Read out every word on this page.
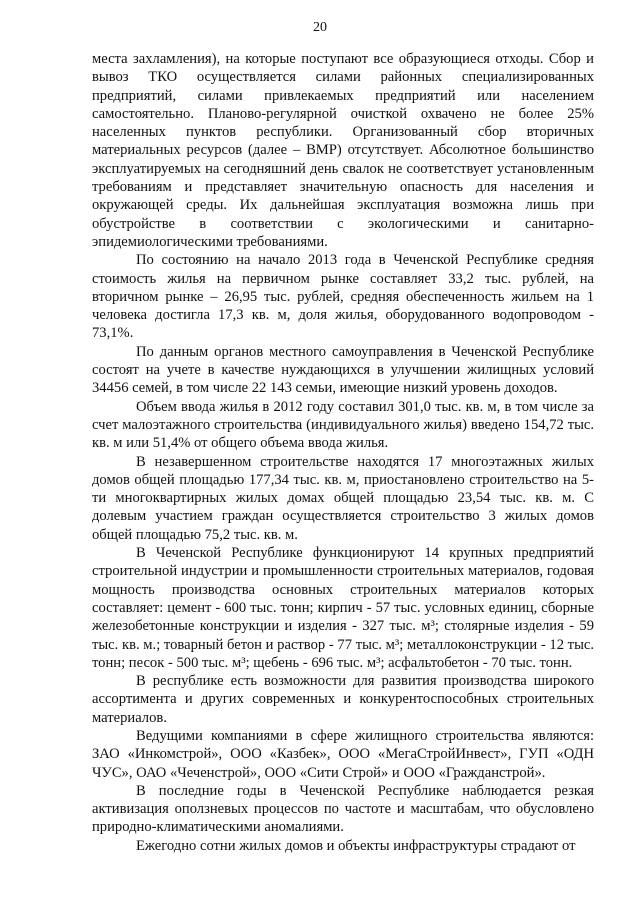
20

места захламления), на которые поступают все образующиеся отходы. Сбор и вывоз ТКО осуществляется силами районных специализированных предприятий, силами привлекаемых предприятий или населением самостоятельно. Планово-регулярной очисткой охвачено не более 25% населенных пунктов республики. Организованный сбор вторичных материальных ресурсов (далее – ВМР) отсутствует. Абсолютное большинство эксплуатируемых на сегодняшний день свалок не соответствует установленным требованиям и представляет значительную опасность для населения и окружающей среды. Их дальнейшая эксплуатация возможна лишь при обустройстве в соответствии с экологическими и санитарно-эпидемиологическими требованиями.

По состоянию на начало 2013 года в Чеченской Республике средняя стоимость жилья на первичном рынке составляет 33,2 тыс. рублей, на вторичном рынке – 26,95 тыс. рублей, средняя обеспеченность жильем на 1 человека достигла 17,3 кв. м, доля жилья, оборудованного водопроводом - 73,1%.

По данным органов местного самоуправления в Чеченской Республике состоят на учете в качестве нуждающихся в улучшении жилищных условий 34456 семей, в том числе 22 143 семьи, имеющие низкий уровень доходов.

Объем ввода жилья в 2012 году составил 301,0 тыс. кв. м, в том числе за счет малоэтажного строительства (индивидуального жилья) введено 154,72 тыс. кв. м или 51,4% от общего объема ввода жилья.

В незавершенном строительстве находятся 17 многоэтажных жилых домов общей площадью 177,34 тыс. кв. м, приостановлено строительство на 5-ти многоквартирных жилых домах общей площадью 23,54 тыс. кв. м. С долевым участием граждан осуществляется строительство 3 жилых домов общей площадью 75,2 тыс. кв. м.

В Чеченской Республике функционируют 14 крупных предприятий строительной индустрии и промышленности строительных материалов, годовая мощность производства основных строительных материалов которых составляет: цемент - 600 тыс. тонн; кирпич - 57 тыс. условных единиц, сборные железобетонные конструкции и изделия - 327 тыс. м³; столярные изделия - 59 тыс. кв. м.; товарный бетон и раствор - 77 тыс. м³; металлоконструкции - 12 тыс. тонн; песок - 500 тыс. м³; щебень - 696 тыс. м³; асфальтобетон - 70 тыс. тонн.

В республике есть возможности для развития производства широкого ассортимента и других современных и конкурентоспособных строительных материалов.

Ведущими компаниями в сфере жилищного строительства являются: ЗАО «Инкомстрой», ООО «Казбек», ООО «МегаСтройИнвест», ГУП «ОДН ЧУС», ОАО «Чеченстрой», ООО «Сити Строй» и ООО «Гражданстрой».

В последние годы в Чеченской Республике наблюдается резкая активизация оползневых процессов по частоте и масштабам, что обусловлено природно-климатическими аномалиями.

Ежегодно сотни жилых домов и объекты инфраструктуры страдают от
